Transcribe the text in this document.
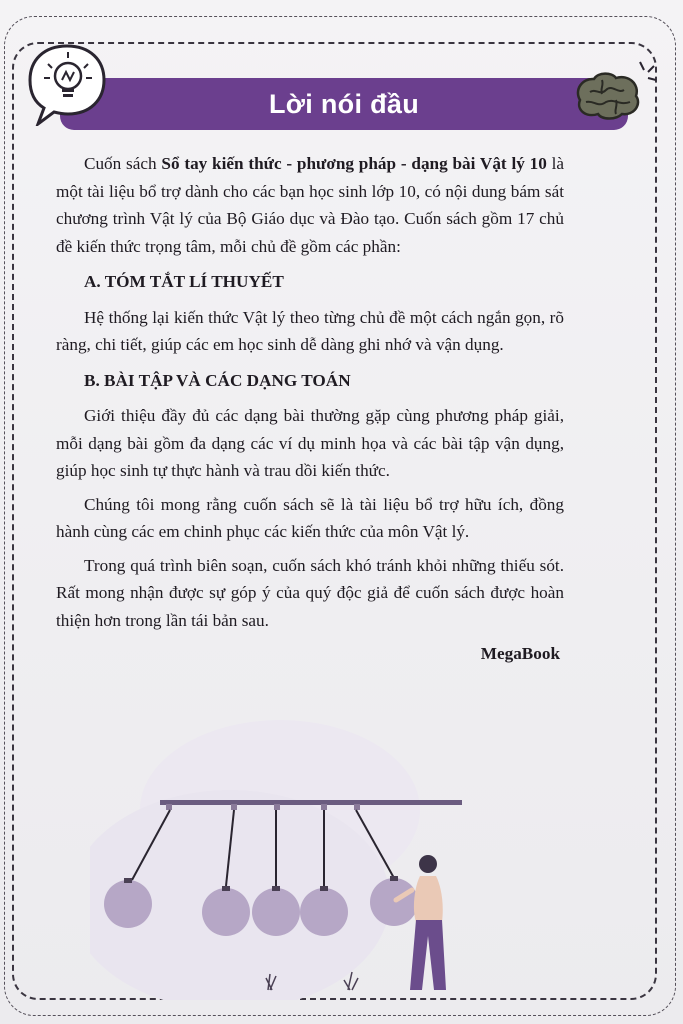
Lời nói đầu

Cuốn sách Sổ tay kiến thức - phương pháp - dạng bài Vật lý 10 là một tài liệu bổ trợ dành cho các bạn học sinh lớp 10, có nội dung bám sát chương trình Vật lý của Bộ Giáo dục và Đào tạo. Cuốn sách gồm 17 chủ đề kiến thức trọng tâm, mỗi chủ đề gồm các phần:

A. TÓM TẮT LÍ THUYẾT

Hệ thống lại kiến thức Vật lý theo từng chủ đề một cách ngắn gọn, rõ ràng, chi tiết, giúp các em học sinh dễ dàng ghi nhớ và vận dụng.

B. BÀI TẬP VÀ CÁC DẠNG TOÁN

Giới thiệu đầy đủ các dạng bài thường gặp cùng phương pháp giải, mỗi dạng bài gồm đa dạng các ví dụ minh họa và các bài tập vận dụng, giúp học sinh tự thực hành và trau dồi kiến thức.

Chúng tôi mong rằng cuốn sách sẽ là tài liệu bổ trợ hữu ích, đồng hành cùng các em chinh phục các kiến thức của môn Vật lý.

Trong quá trình biên soạn, cuốn sách khó tránh khỏi những thiếu sót. Rất mong nhận được sự góp ý của quý độc giả để cuốn sách được hoàn thiện hơn trong lần tái bản sau.

MegaBook
